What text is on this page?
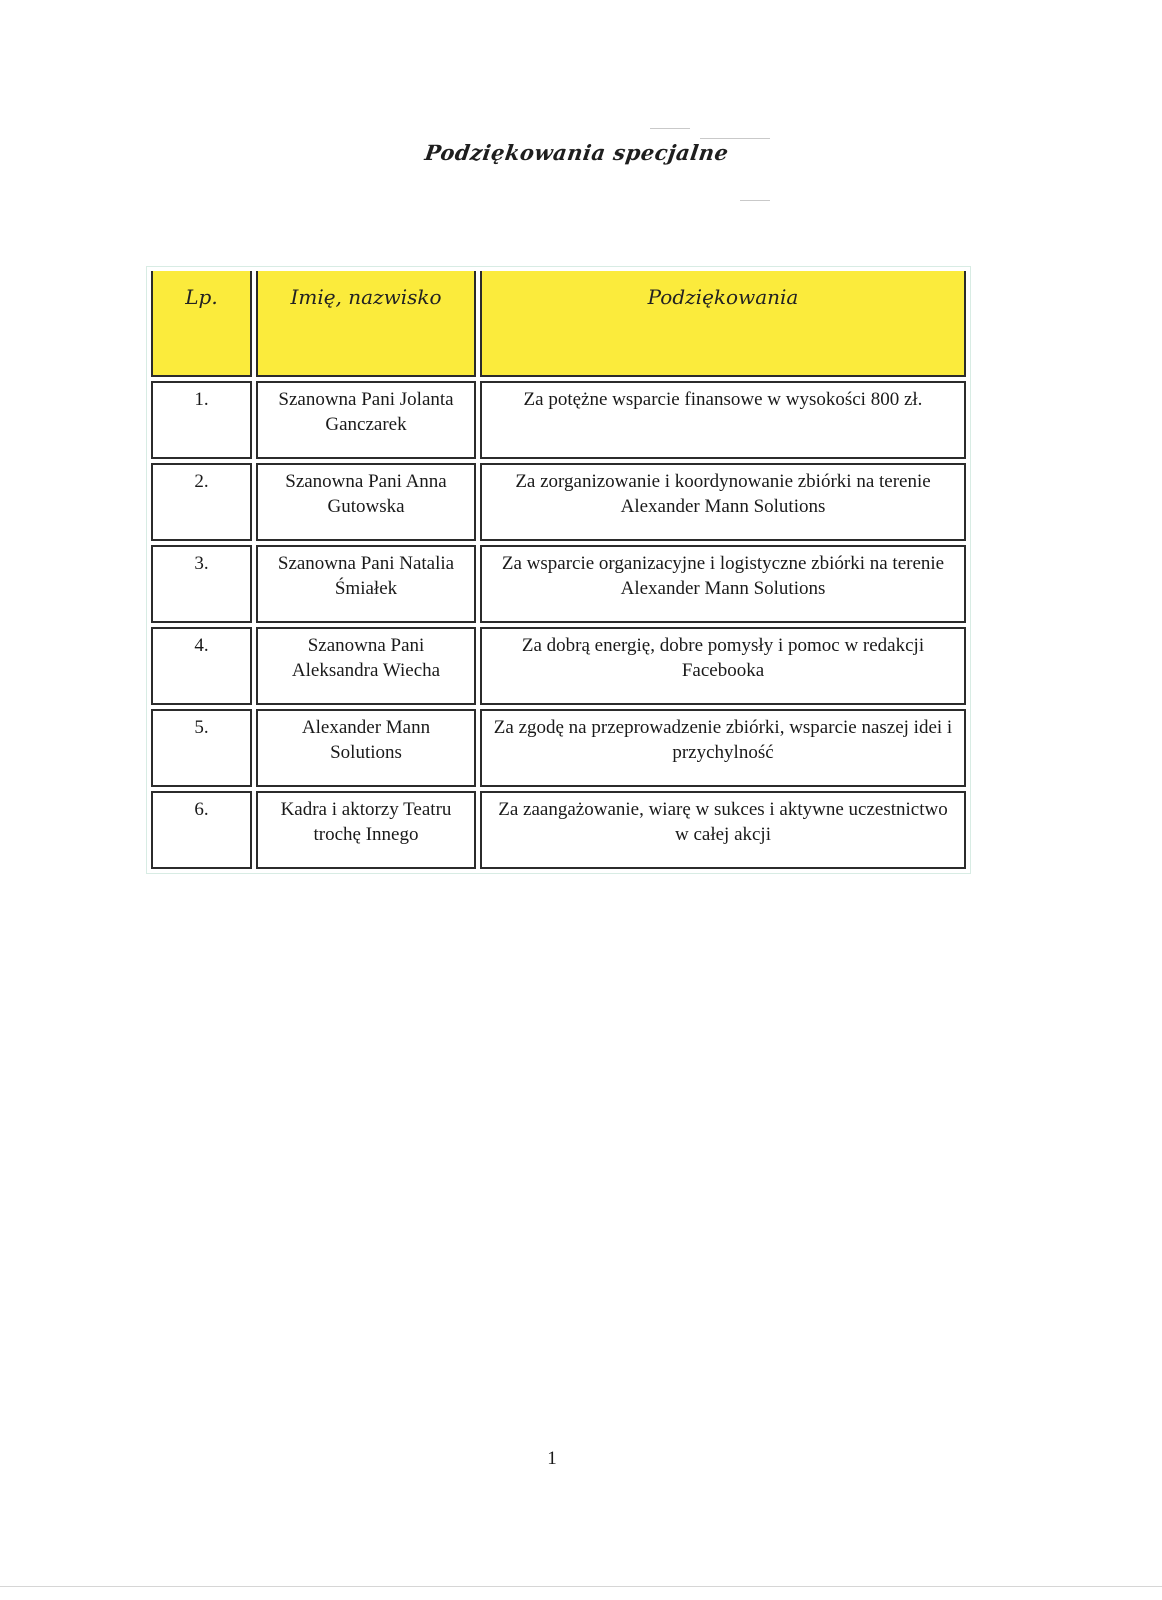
Podziękowania specjalne
Lp.	Imię, nazwisko	Podziękowania
1.	Szanowna Pani Jolanta Ganczarek	Za potężne wsparcie finansowe w wysokości 800 zł.
2.	Szanowna Pani Anna Gutowska	Za zorganizowanie i koordynowanie zbiórki na terenie Alexander Mann Solutions
3.	Szanowna Pani Natalia Śmiałek	Za wsparcie organizacyjne i logistyczne zbiórki na terenie Alexander Mann Solutions
4.	Szanowna Pani Aleksandra Wiecha	Za dobrą energię, dobre pomysły i pomoc w redakcji Facebooka
5.	Alexander Mann Solutions	Za zgodę na przeprowadzenie zbiórki, wsparcie naszej idei i przychylność
6.	Kadra i aktorzy Teatru trochę Innego	Za zaangażowanie, wiarę w sukces i aktywne uczestnictwo w całej akcji
1
